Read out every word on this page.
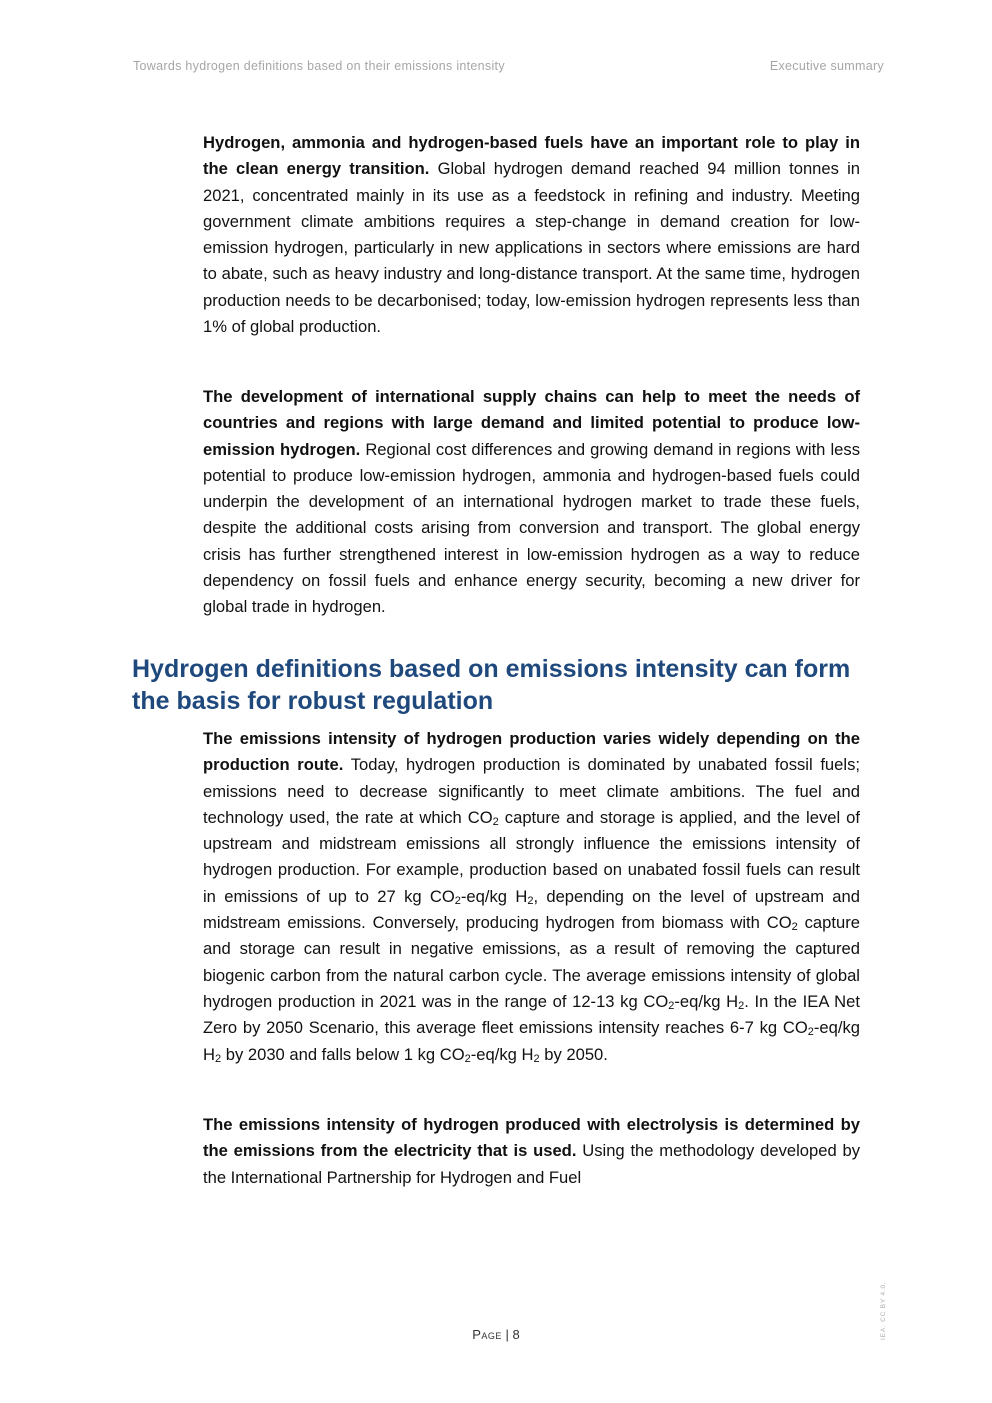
Towards hydrogen definitions based on their emissions intensity	Executive summary

Hydrogen, ammonia and hydrogen-based fuels have an important role to play in the clean energy transition. Global hydrogen demand reached 94 million tonnes in 2021, concentrated mainly in its use as a feedstock in refining and industry. Meeting government climate ambitions requires a step-change in demand creation for low-emission hydrogen, particularly in new applications in sectors where emissions are hard to abate, such as heavy industry and long-distance transport. At the same time, hydrogen production needs to be decarbonised; today, low-emission hydrogen represents less than 1% of global production.

The development of international supply chains can help to meet the needs of countries and regions with large demand and limited potential to produce low-emission hydrogen. Regional cost differences and growing demand in regions with less potential to produce low-emission hydrogen, ammonia and hydrogen-based fuels could underpin the development of an international hydrogen market to trade these fuels, despite the additional costs arising from conversion and transport. The global energy crisis has further strengthened interest in low-emission hydrogen as a way to reduce dependency on fossil fuels and enhance energy security, becoming a new driver for global trade in hydrogen.

Hydrogen definitions based on emissions intensity can form the basis for robust regulation

The emissions intensity of hydrogen production varies widely depending on the production route. Today, hydrogen production is dominated by unabated fossil fuels; emissions need to decrease significantly to meet climate ambitions. The fuel and technology used, the rate at which $CO_2$ capture and storage is applied, and the level of upstream and midstream emissions all strongly influence the emissions intensity of hydrogen production. For example, production based on unabated fossil fuels can result in emissions of up to 27 kg $CO_2-eq/kg$ $H_2$, depending on the level of upstream and midstream emissions. Conversely, producing hydrogen from biomass with $CO_2$ capture and storage can result in negative emissions, as a result of removing the captured biogenic carbon from the natural carbon cycle. The average emissions intensity of global hydrogen production in 2021 was in the range of 12-13 kg $CO_2-eq/kg$ $H_2$. In the IEA Net Zero by 2050 Scenario, this average fleet emissions intensity reaches 6-7 kg $CO_2-eq/kg$ $H_2$ by 2030 and falls below 1 kg $CO_2-eq/kg$ $H_2$ by 2050.

The emissions intensity of hydrogen produced with electrolysis is determined by the emissions from the electricity that is used. Using the methodology developed by the International Partnership for Hydrogen and Fuel

Page | 8	IEA. CC BY 4.0.
